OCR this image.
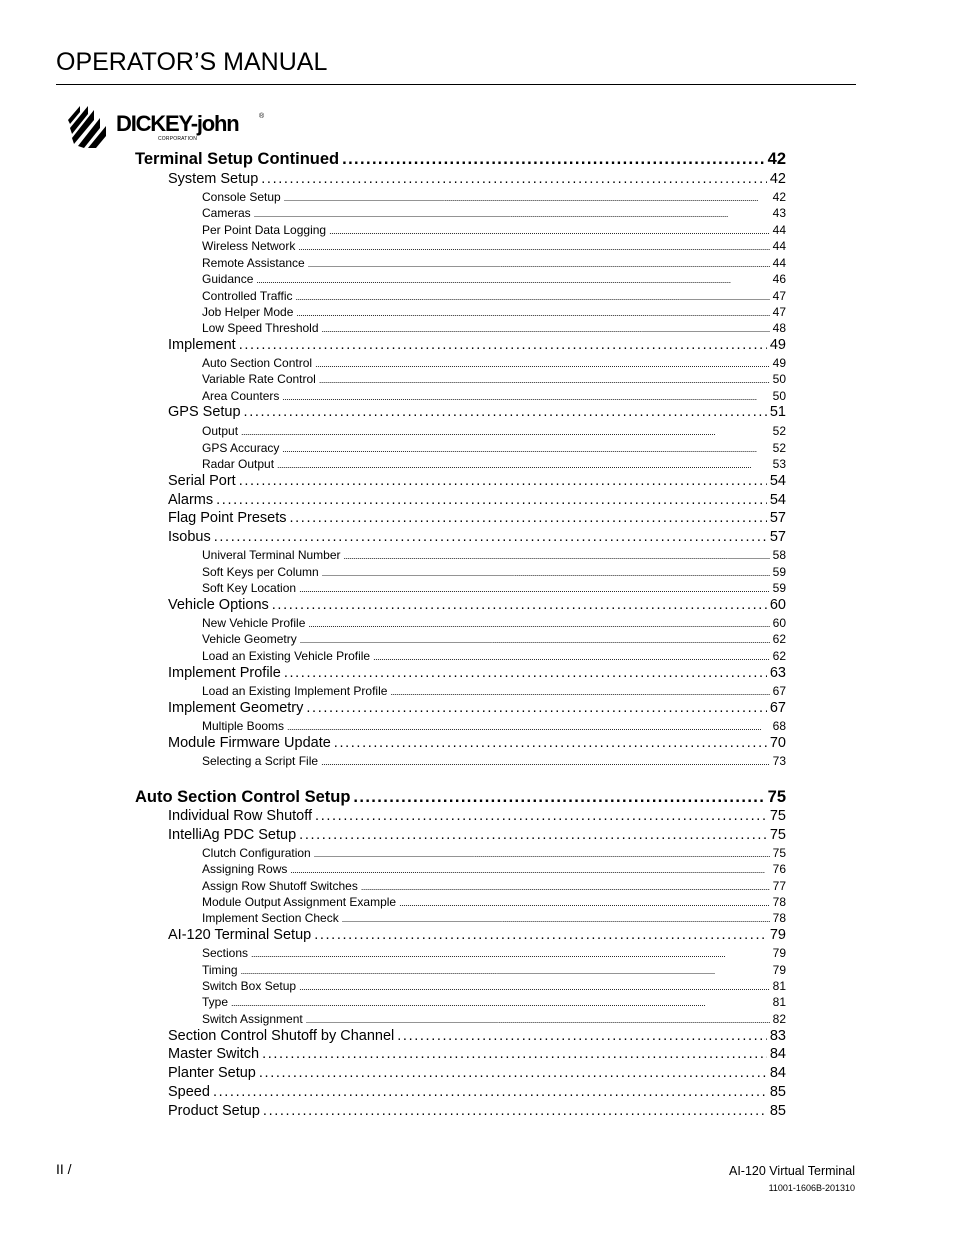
OPERATOR’S MANUAL
DICKEY-john	®
CORPORATION
Terminal Setup Continued . . .	42
System Setup . . .	42
Console Setup . . .	42
Cameras . . .	43
Per Point Data Logging . . .	44
Wireless Network . . .	44
Remote Assistance . . .	44
Guidance . . .	46
Controlled Traffic . . .	47
Job Helper Mode . . .	47
Low Speed Threshold . . .	48
Implement . . .	49
Auto Section Control . . .	49
Variable Rate Control . . .	50
Area Counters . . .	50
GPS Setup . . .	51
Output . . .	52
GPS Accuracy . . .	52
Radar Output . . .	53
Serial Port . . .	54
Alarms . . .	54
Flag Point Presets . . .	57
Isobus . . .	57
Univeral Terminal Number . . .	58
Soft Keys per Column . . .	59
Soft Key Location . . .	59
Vehicle Options . . .	60
New Vehicle Profile . . .	60
Vehicle Geometry . . .	62
Load an Existing Vehicle Profile . . .	62
Implement Profile . . .	63
Load an Existing Implement Profile . . .	67
Implement Geometry . . .	67
Multiple Booms . . .	68
Module Firmware Update . . .	70
Selecting a Script File . . .	73
Auto Section Control Setup . . .	75
Individual Row Shutoff . . .	75
IntelliAg PDC Setup . . .	75
Clutch Configuration . . .	75
Assigning Rows . . .	76
Assign Row Shutoff Switches . . .	77
Module Output Assignment Example . . .	78
Implement Section Check . . .	78
AI-120 Terminal Setup . . .	79
Sections . . .	79
Timing . . .	79
Switch Box Setup . . .	81
Type . . .	81
Switch Assignment . . .	82
Section Control Shutoff by Channel . . .	83
Master Switch . . .	84
Planter Setup . . .	84
Speed . . .	85
Product Setup . . .	85
II /	AI-120 Virtual Terminal
11001-1606B-201310
